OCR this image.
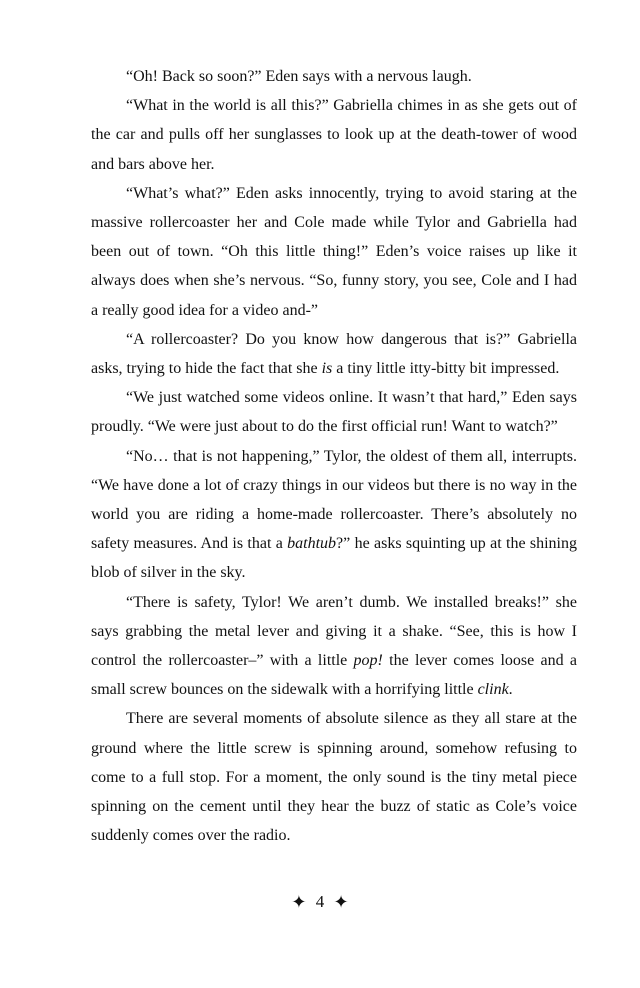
“Oh! Back so soon?” Eden says with a nervous laugh.

“What in the world is all this?” Gabriella chimes in as she gets out of the car and pulls off her sunglasses to look up at the death-tower of wood and bars above her.

“What’s what?” Eden asks innocently, trying to avoid staring at the massive rollercoaster her and Cole made while Tylor and Gabriella had been out of town. “Oh this little thing!” Eden’s voice raises up like it always does when she’s nervous. “So, funny story, you see, Cole and I had a really good idea for a video and-”

“A rollercoaster? Do you know how dangerous that is?” Gabriella asks, trying to hide the fact that she is a tiny little itty-bitty bit impressed.

“We just watched some videos online. It wasn’t that hard,” Eden says proudly. “We were just about to do the first official run! Want to watch?”

“No… that is not happening,” Tylor, the oldest of them all, interrupts. “We have done a lot of crazy things in our videos but there is no way in the world you are riding a home-made rollercoaster. There’s absolutely no safety measures. And is that a bathtub?” he asks squinting up at the shining blob of silver in the sky.

“There is safety, Tylor! We aren’t dumb. We installed breaks!” she says grabbing the metal lever and giving it a shake. “See, this is how I control the rollercoaster–” with a little pop! the lever comes loose and a small screw bounces on the sidewalk with a horrifying little clink.

There are several moments of absolute silence as they all stare at the ground where the little screw is spinning around, somehow refusing to come to a full stop. For a moment, the only sound is the tiny metal piece spinning on the cement until they hear the buzz of static as Cole’s voice suddenly comes over the radio.

✦ 4 ✦
